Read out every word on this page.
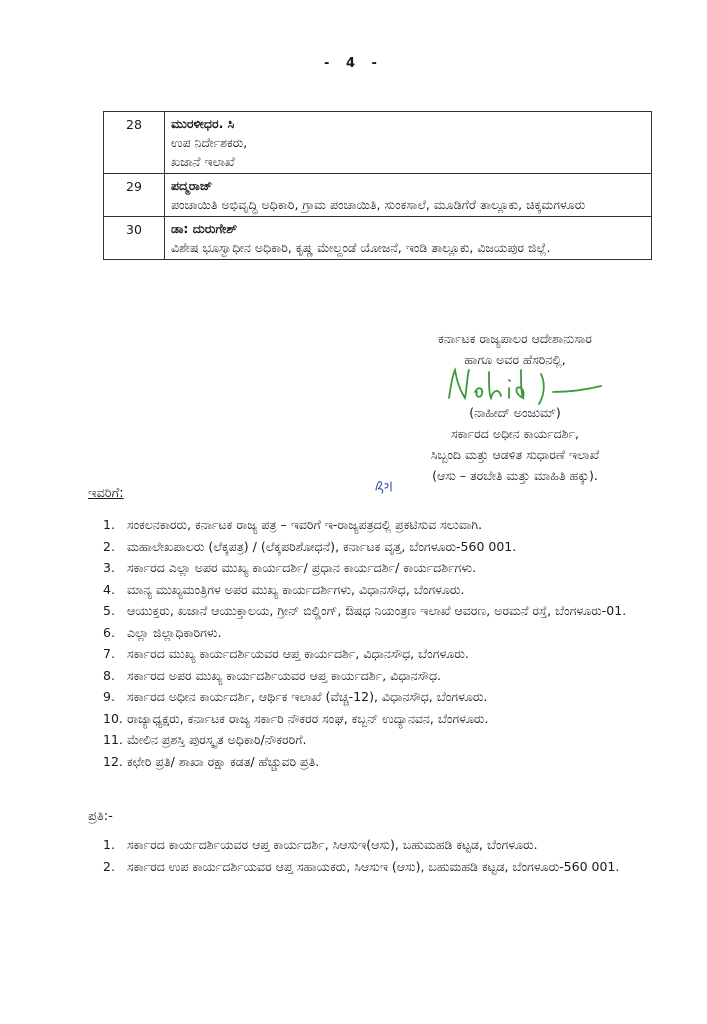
- 4 -
28	ಮುರಳೀಧರ. ಸಿ
ಉಪ ನಿರ್ದೇಶಕರು,
ಖಜಾನೆ ಇಲಾಖೆ

29	ಪದ್ಮರಾಜ್
ಪಂಚಾಯಿತಿ ಅಭಿವೃದ್ಧಿ ಅಧಿಕಾರಿ, ಗ್ರಾಮ ಪಂಚಾಯಿತಿ, ಸುಂಕಸಾಲೆ, ಮೂಡಿಗೆರೆ ತಾಲ್ಲೂಕು, ಚಿಕ್ಕಮಗಳೂರು

30	ಡಾ: ದುರುಗೇಶ್
ವಿಶೇಷ ಭೂಸ್ವಾಧೀನ ಅಧಿಕಾರಿ, ಕೃಷ್ಣ ಮೇಲ್ದಂಡೆ ಯೋಜನೆ, ಇಂಡಿ ತಾಲ್ಲೂಕು, ವಿಜಯಪುರ ಜಿಲ್ಲೆ.
ಕರ್ನಾಟಕ ರಾಜ್ಯಪಾಲರ ಆದೇಶಾನುಸಾರ
ಹಾಗೂ ಅವರ ಹೆಸರಿನಲ್ಲಿ,
(ನಾಹೀದ್ ಅಂಜುಮ್)
ಸರ್ಕಾರದ ಅಧೀನ ಕಾರ್ಯದರ್ಶಿ,
ಸಿಬ್ಬಂದಿ ಮತ್ತು ಆಡಳಿತ ಸುಧಾರಣೆ ಇಲಾಖೆ
(ಆಸು – ತರಬೇತಿ ಮತ್ತು ಮಾಹಿತಿ ಹಕ್ಕು).
ಇವರಿಗೆ:
1. ಸಂಕಲನಕಾರರು, ಕರ್ನಾಟಕ ರಾಜ್ಯ ಪತ್ರ – ಇವರಿಗೆ ಇ-ರಾಜ್ಯಪತ್ರದಲ್ಲಿ ಪ್ರಕಟಿಸುವ ಸಲುವಾಗಿ.
2. ಮಹಾಲೇಖಪಾಲರು (ಲೆಕ್ಕಪತ್ರ) / (ಲೆಕ್ಕಪರಿಶೋಧನೆ), ಕರ್ನಾಟಕ ವೃತ್ತ, ಬೆಂಗಳೂರು-560 001.
3. ಸರ್ಕಾರದ ಎಲ್ಲಾ ಅಪರ ಮುಖ್ಯ ಕಾರ್ಯದರ್ಶಿ/ ಪ್ರಧಾನ ಕಾರ್ಯದರ್ಶಿ/ ಕಾರ್ಯದರ್ಶಿಗಳು.
4. ಮಾನ್ಯ ಮುಖ್ಯಮಂತ್ರಿಗಳ ಅಪರ ಮುಖ್ಯ ಕಾರ್ಯದರ್ಶಿಗಳು, ವಿಧಾನಸೌಧ, ಬೆಂಗಳೂರು.
5. ಆಯುಕ್ತರು, ಖಜಾನೆ ಆಯುಕ್ತಾಲಯ, ಗ್ರೀನ್ ಬಿಲ್ಡಿಂಗ್, ಔಷಧ ನಿಯಂತ್ರಣ ಇಲಾಖೆ ಆವರಣ, ಅರಮನೆ ರಸ್ತೆ, ಬೆಂಗಳೂರು-01.
6. ಎಲ್ಲಾ ಜಿಲ್ಲಾಧಿಕಾರಿಗಳು.
7. ಸರ್ಕಾರದ ಮುಖ್ಯ ಕಾರ್ಯದರ್ಶಿಯವರ ಆಪ್ತ ಕಾರ್ಯದರ್ಶಿ, ವಿಧಾನಸೌಧ, ಬೆಂಗಳೂರು.
8. ಸರ್ಕಾರದ ಅಪರ ಮುಖ್ಯ ಕಾರ್ಯದರ್ಶಿಯವರ ಆಪ್ತ ಕಾರ್ಯದರ್ಶಿ, ವಿಧಾನಸೌಧ.
9. ಸರ್ಕಾರದ ಅಧೀನ ಕಾರ್ಯದರ್ಶಿ, ಆರ್ಥಿಕ ಇಲಾಖೆ (ವೆಚ್ಚ-12), ವಿಧಾನಸೌಧ, ಬೆಂಗಳೂರು.
10. ರಾಜ್ಯಾಧ್ಯಕ್ಷರು, ಕರ್ನಾಟಕ ರಾಜ್ಯ ಸರ್ಕಾರಿ ನೌಕರರ ಸಂಘ, ಕಬ್ಬನ್ ಉದ್ಯಾನವನ, ಬೆಂಗಳೂರು.
11. ಮೇಲಿನ ಪ್ರಶಸ್ತಿ ಪುರಸ್ಕೃತ ಅಧಿಕಾರಿ/ನೌಕರರಿಗೆ.
12. ಕಛೇರಿ ಪ್ರತಿ/ ಶಾಖಾ ರಕ್ಷಾ ಕಡತ/ ಹೆಚ್ಚುವರಿ ಪ್ರತಿ.
ಪ್ರತಿ:-
1. ಸರ್ಕಾರದ ಕಾರ್ಯದರ್ಶಿಯವರ ಆಪ್ತ ಕಾರ್ಯದರ್ಶಿ, ಸಿಆಸುಇ(ಆಸು), ಬಹುಮಹಡಿ ಕಟ್ಟಡ, ಬೆಂಗಳೂರು.
2. ಸರ್ಕಾರದ ಉಪ ಕಾರ್ಯದರ್ಶಿಯವರ ಆಪ್ತ ಸಹಾಯಕರು, ಸಿಆಸುಇ (ಆಸು), ಬಹುಮಹಡಿ ಕಟ್ಟಡ, ಬೆಂಗಳೂರು-560 001.
